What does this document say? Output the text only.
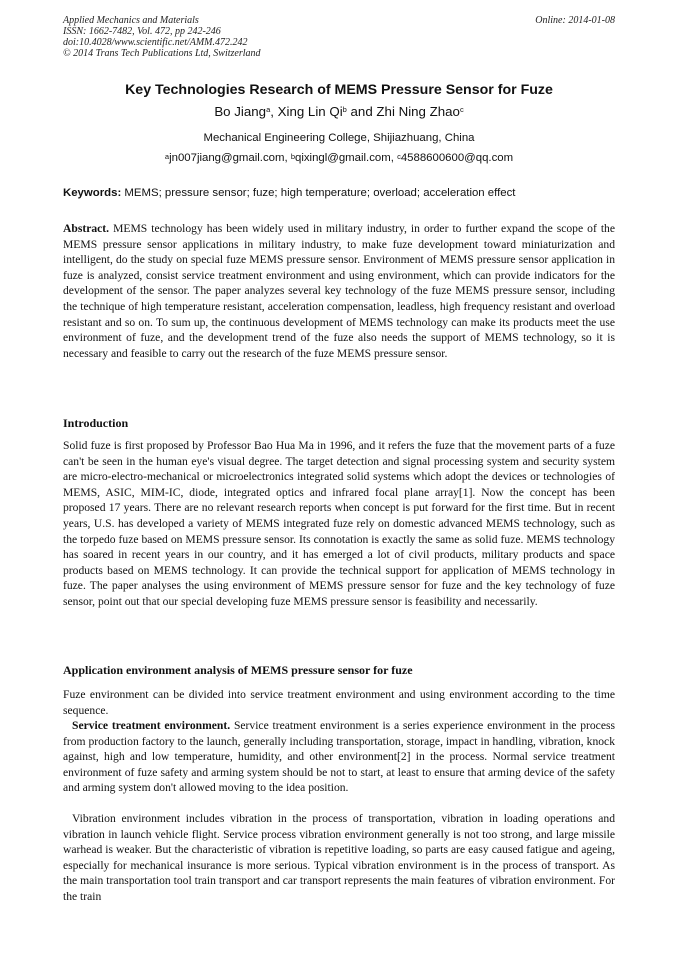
Applied Mechanics and Materials
ISSN: 1662-7482, Vol. 472, pp 242-246
doi:10.4028/www.scientific.net/AMM.472.242
© 2014 Trans Tech Publications Ltd, Switzerland
Online: 2014-01-08
Key Technologies Research of MEMS Pressure Sensor for Fuze
Bo Jiang$^a$, Xing Lin Qi$^b$ and Zhi Ning Zhao$^c$
Mechanical Engineering College, Shijiazhuang, China
$^a$jn007jiang@gmail.com, $^b$qixingl@gmail.com, $^c$4588600600@qq.com
Keywords: MEMS; pressure sensor; fuze; high temperature; overload; acceleration effect

Abstract. MEMS technology has been widely used in military industry, in order to further expand the scope of the MEMS pressure sensor applications in military industry, to make fuze development toward miniaturization and intelligent, do the study on special fuze MEMS pressure sensor. Environment of MEMS pressure sensor application in fuze is analyzed, consist service treatment environment and using environment, which can provide indicators for the development of the sensor. The paper analyzes several key technology of the fuze MEMS pressure sensor, including the technique of high temperature resistant, acceleration compensation, leadless, high frequency resistant and overload resistant and so on. To sum up, the continuous development of MEMS technology can make its products meet the use environment of fuze, and the development trend of the fuze also needs the support of MEMS technology, so it is necessary and feasible to carry out the research of the fuze MEMS pressure sensor.

Introduction

Solid fuze is first proposed by Professor Bao Hua Ma in 1996, and it refers the fuze that the movement parts of a fuze can't be seen in the human eye's visual degree. The target detection and signal processing system and security system are micro-electro-mechanical or microelectronics integrated solid systems which adopt the devices or technologies of MEMS, ASIC, MIM-IC, diode, integrated optics and infrared focal plane array[1]. Now the concept has been proposed 17 years. There are no relevant research reports when concept is put forward for the first time. But in recent years, U.S. has developed a variety of MEMS integrated fuze rely on domestic advanced MEMS technology, such as the torpedo fuze based on MEMS pressure sensor. Its connotation is exactly the same as solid fuze. MEMS technology has soared in recent years in our country, and it has emerged a lot of civil products, military products and space products based on MEMS technology. It can provide the technical support for application of MEMS technology in fuze. The paper analyses the using environment of MEMS pressure sensor for fuze and the key technology of fuze sensor, point out that our special developing fuze MEMS pressure sensor is feasibility and necessarily.

Application environment analysis of MEMS pressure sensor for fuze

Fuze environment can be divided into service treatment environment and using environment according to the time sequence.

Service treatment environment. Service treatment environment is a series experience environment in the process from production factory to the launch, generally including transportation, storage, impact in handling, vibration, knock against, high and low temperature, humidity, and other environment[2] in the process. Normal service treatment environment of fuze safety and arming system should be not to start, at least to ensure that arming device of the safety and arming system don't allowed moving to the idea position.

Vibration environment includes vibration in the process of transportation, vibration in loading operations and vibration in launch vehicle flight. Service process vibration environment generally is not too strong, and large missile warhead is weaker. But the characteristic of vibration is repetitive loading, so parts are easy caused fatigue and ageing, especially for mechanical insurance is more serious. Typical vibration environment is in the process of transport. As the main transportation tool train transport and car transport represents the main features of vibration environment. For the train
